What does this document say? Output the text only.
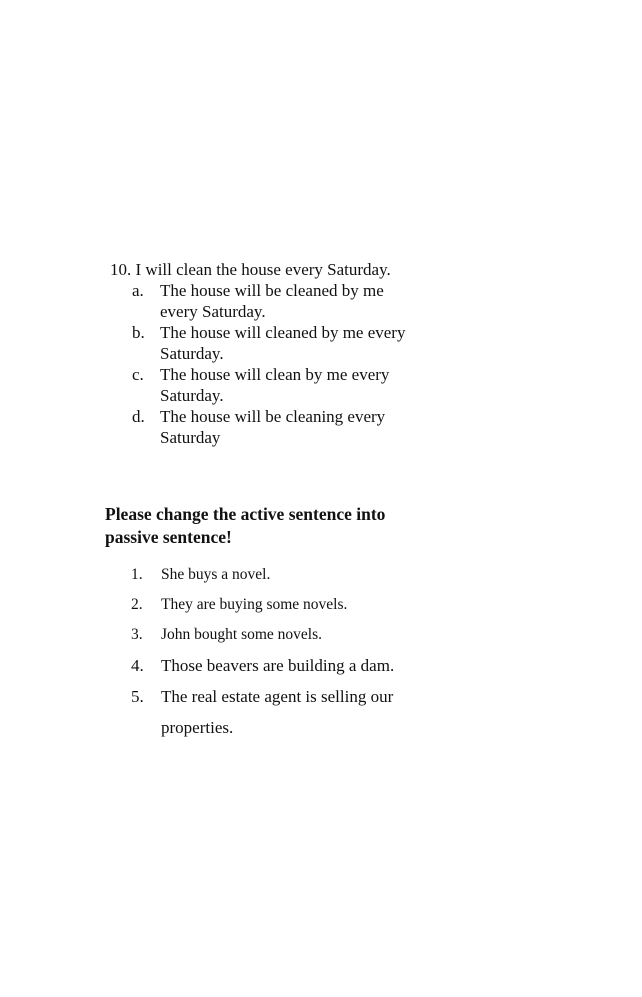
10. I will clean the house every Saturday.
a. The house will be cleaned by me every Saturday.
b. The house will cleaned by me every Saturday.
c. The house will clean by me every Saturday.
d. The house will be cleaning every Saturday
Please change the active sentence into passive sentence!
1.	She buys a novel.
2.	They are buying some novels.
3.	John bought some novels.
4.	Those beavers are building a dam.
5.	The real estate agent is selling our properties.
